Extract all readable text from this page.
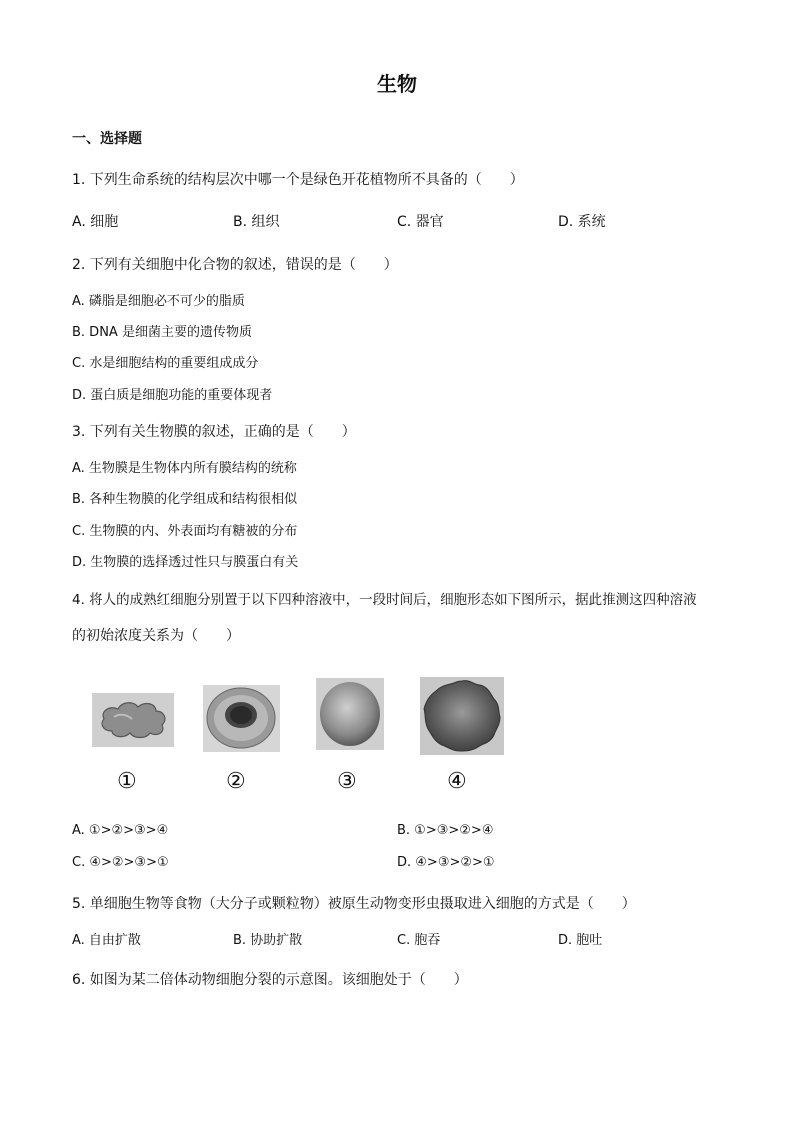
生物
一、选择题
1. 下列生命系统的结构层次中哪一个是绿色开花植物所不具备的（　　）
A. 细胞	B. 组织	C. 器官	D. 系统
2. 下列有关细胞中化合物的叙述，错误的是（　　）
A. 磷脂是细胞必不可少的脂质
B. DNA 是细菌主要的遗传物质
C. 水是细胞结构的重要组成成分
D. 蛋白质是细胞功能的重要体现者
3. 下列有关生物膜的叙述，正确的是（　　）
A. 生物膜是生物体内所有膜结构的统称
B. 各种生物膜的化学组成和结构很相似
C. 生物膜的内、外表面均有糖被的分布
D. 生物膜的选择透过性只与膜蛋白有关
4. 将人的成熟红细胞分别置于以下四种溶液中，一段时间后，细胞形态如下图所示，据此推测这四种溶液
的初始浓度关系为（　　）
①	②	③	④
A. ①>②>③>④	B. ①>③>②>④
C. ④>②>③>①	D. ④>③>②>①
5. 单细胞生物等食物（大分子或颗粒物）被原生动物变形虫摄取进入细胞的方式是（　　）
A. 自由扩散	B. 协助扩散	C. 胞吞	D. 胞吐
6. 如图为某二倍体动物细胞分裂的示意图。该细胞处于（　　）
